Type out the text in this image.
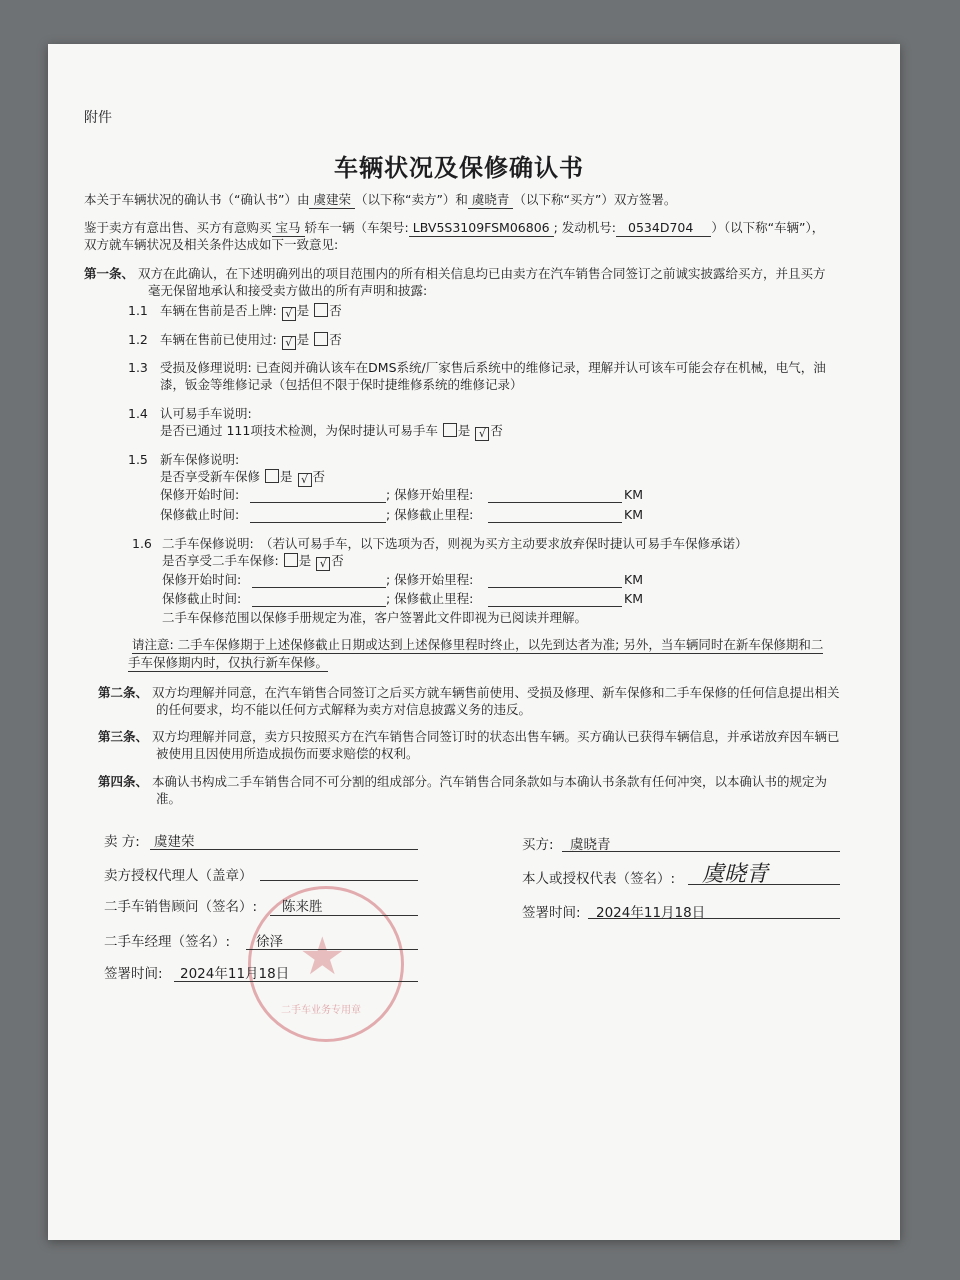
附件
车辆状况及保修确认书
本关于车辆状况的确认书（“确认书”）由 虞建荣 （以下称“卖方”）和 虞晓青 （以下称“买方”）双方签署。
鉴于卖方有意出售、买方有意购买 宝马 轿车一辆（车架号: LBV5S3109FSM06806 ; 发动机号: 0534D704 ）（以下称“车辆”），
双方就车辆状况及相关条件达成如下一致意见:
第一条、 双方在此确认，在下述明确列出的项目范围内的所有相关信息均已由卖方在汽车销售合同签订之前诚实披露给买方，并且买方
毫无保留地承认和接受卖方做出的所有声明和披露:
1.1 车辆在售前是否上牌: √ 是 否
1.2 车辆在售前已使用过: √ 是 否
1.3 受损及修理说明: 已查阅并确认该车在DMS系统/厂家售后系统中的维修记录，理解并认可该车可能会存在机械，电气，油
漆，钣金等维修记录（包括但不限于保时捷维修系统的维修记录）
1.4 认可易手车说明:
是否已通过 111项技术检测，为保时捷认可易手车 是 √ 否
1.5 新车保修说明:
是否享受新车保修 是 √ 否
保修开始时间:	; 保修开始里程:	KM
保修截止时间:	; 保修截止里程:	KM
1.6 二手车保修说明:　（若认可易手车，以下选项为否，则视为买方主动要求放弃保时捷认可易手车保修承诺）
是否享受二手车保修: 是 √ 否
保修开始时间:	; 保修开始里程:	KM
保修截止时间:	; 保修截止里程:	KM
二手车保修范围以保修手册规定为准，客户签署此文件即视为已阅读并理解。
请注意: 二手车保修期于上述保修截止日期或达到上述保修里程时终止，以先到达者为准; 另外，当车辆同时在新车保修期和二
手车保修期内时，仅执行新车保修。
第二条、 双方均理解并同意，在汽车销售合同签订之后买方就车辆售前使用、受损及修理、新车保修和二手车保修的任何信息提出相关
的任何要求，均不能以任何方式解释为卖方对信息披露义务的违反。
第三条、 双方均理解并同意，卖方只按照买方在汽车销售合同签订时的状态出售车辆。买方确认已获得车辆信息，并承诺放弃因车辆已
被使用且因使用所造成损伤而要求赔偿的权利。
第四条、 本确认书构成二手车销售合同不可分割的组成部分。汽车销售合同条款如与本确认书条款有任何冲突，以本确认书的规定为
准。
★
二手车业务专用章
卖 方: 虞建荣
卖方授权代理人（盖章）
二手车销售顾问（签名）: 陈来胜
二手车经理（签名）: 徐泽
签署时间: 2024年11月18日
买方: 虞晓青
本人或授权代表（签名）: 虞晓青
签署时间: 2024年11月18日
